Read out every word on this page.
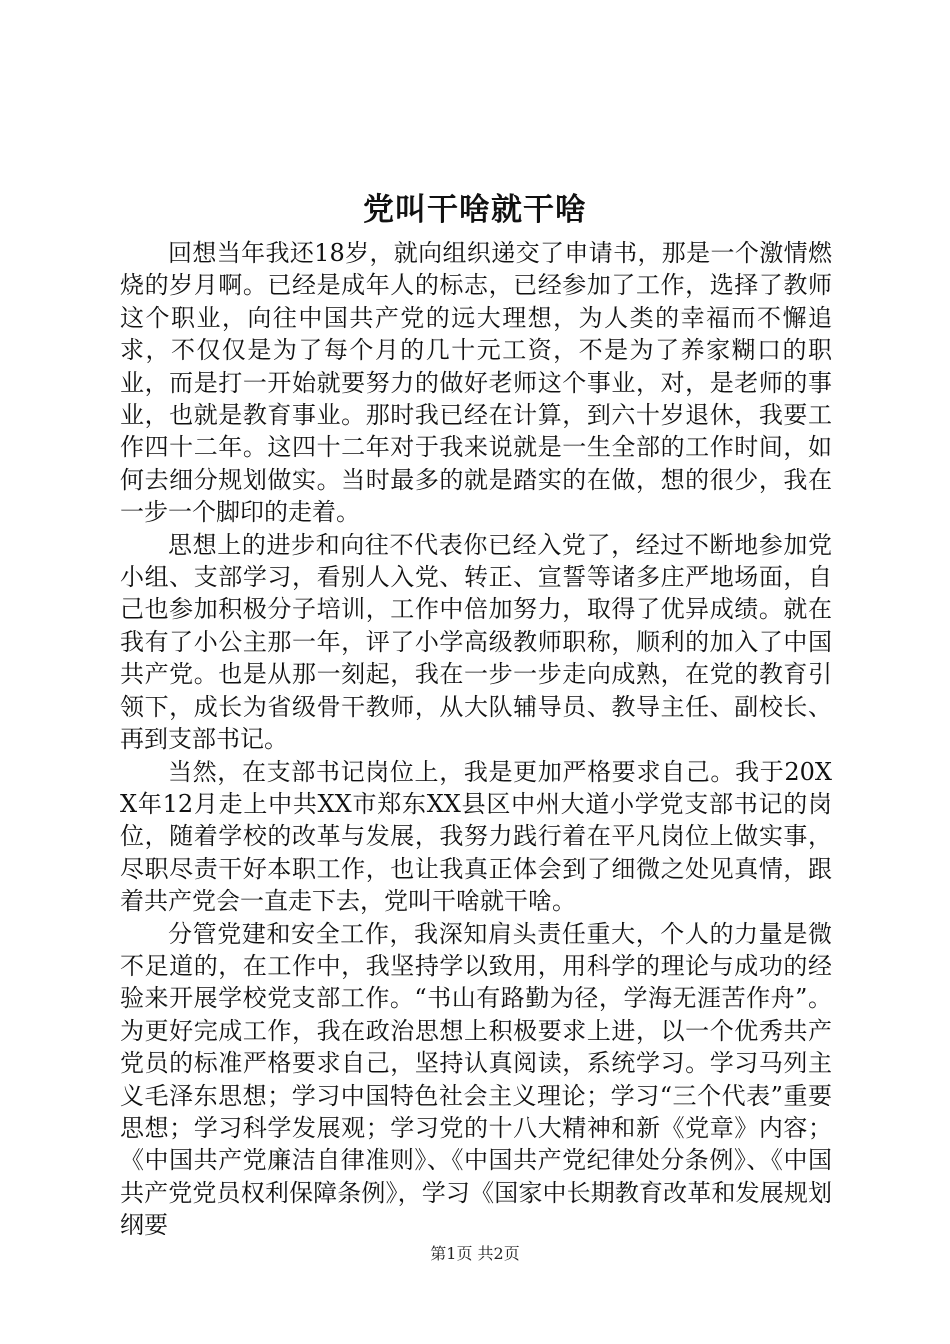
党叫干啥就干啥

回想当年我还18岁，就向组织递交了申请书，那是一个激情燃烧的岁月啊。已经是成年人的标志，已经参加了工作，选择了教师这个职业，向往中国共产党的远大理想，为人类的幸福而不懈追求，不仅仅是为了每个月的几十元工资，不是为了养家糊口的职业，而是打一开始就要努力的做好老师这个事业，对，是老师的事业，也就是教育事业。那时我已经在计算，到六十岁退休，我要工作四十二年。这四十二年对于我来说就是一生全部的工作时间，如何去细分规划做实。当时最多的就是踏实的在做，想的很少，我在一步一个脚印的走着。

思想上的进步和向往不代表你已经入党了，经过不断地参加党小组、支部学习，看别人入党、转正、宣誓等诸多庄严地场面，自己也参加积极分子培训，工作中倍加努力，取得了优异成绩。就在我有了小公主那一年，评了小学高级教师职称，顺利的加入了中国共产党。也是从那一刻起，我在一步一步走向成熟，在党的教育引领下，成长为省级骨干教师，从大队辅导员、教导主任、副校长、再到支部书记。

当然，在支部书记岗位上，我是更加严格要求自己。我于20XX年12月走上中共XX市郑东XX县区中州大道小学党支部书记的岗位，随着学校的改革与发展，我努力践行着在平凡岗位上做实事，尽职尽责干好本职工作，也让我真正体会到了细微之处见真情，跟着共产党会一直走下去，党叫干啥就干啥。

分管党建和安全工作，我深知肩头责任重大，个人的力量是微不足道的，在工作中，我坚持学以致用，用科学的理论与成功的经验来开展学校党支部工作。“书山有路勤为径，学海无涯苦作舟”。为更好完成工作，我在政治思想上积极要求上进，以一个优秀共产党员的标准严格要求自己，坚持认真阅读，系统学习。学习马列主义毛泽东思想；学习中国特色社会主义理论；学习“三个代表”重要思想；学习科学发展观；学习党的十八大精神和新《党章》内容；《中国共产党廉洁自律准则》、《中国共产党纪律处分条例》、《中国共产党党员权利保障条例》，学习《国家中长期教育改革和发展规划纲要

第1页 共2页
